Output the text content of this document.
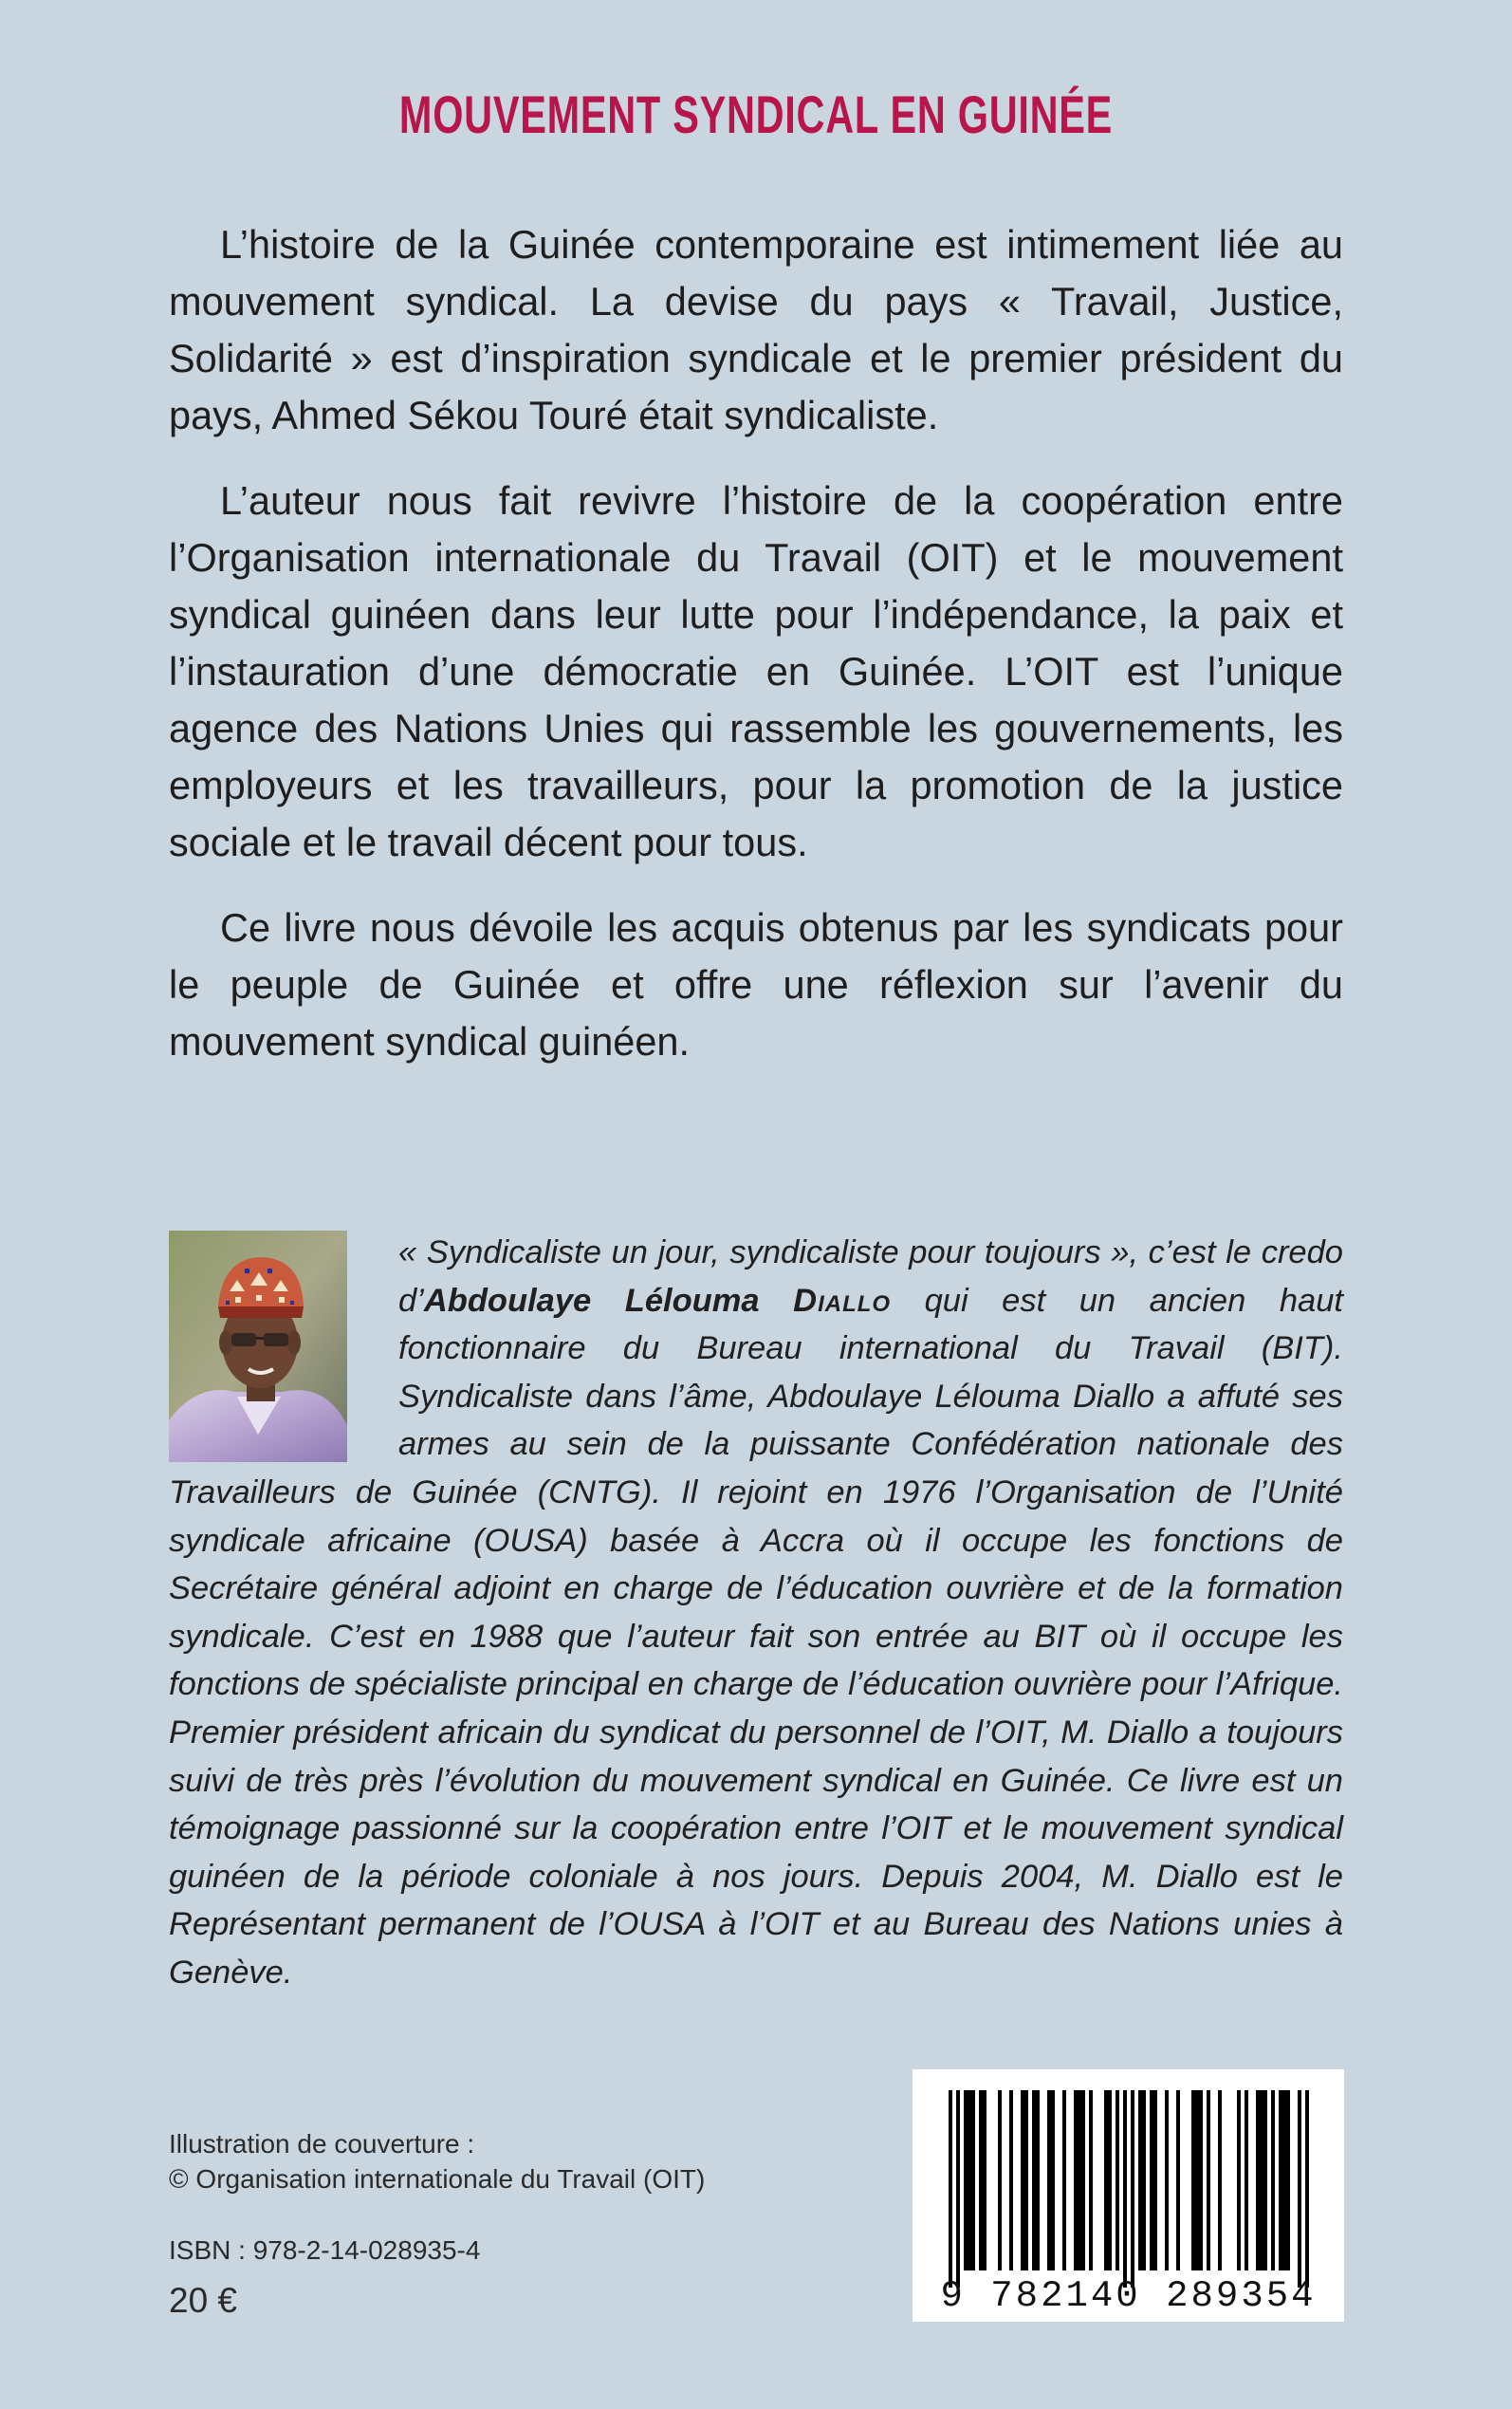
MOUVEMENT SYNDICAL EN GUINÉE

L’histoire de la Guinée contemporaine est intimement liée au mouvement syndical. La devise du pays « Travail, Justice, Solidarité » est d’inspiration syndicale et le premier président du pays, Ahmed Sékou Touré était syndicaliste.

L’auteur nous fait revivre l’histoire de la coopération entre l’Organisation internationale du Travail (OIT) et le mouvement syndical guinéen dans leur lutte pour l’indépendance, la paix et l’instauration d’une démocratie en Guinée. L’OIT est l’unique agence des Nations Unies qui rassemble les gouvernements, les employeurs et les travailleurs, pour la promotion de la justice sociale et le travail décent pour tous.

Ce livre nous dévoile les acquis obtenus par les syndicats pour le peuple de Guinée et offre une réflexion sur l’avenir du mouvement syndical guinéen.

« Syndicaliste un jour, syndicaliste pour toujours », c’est le credo d’Abdoulaye Lélouma Diallo qui est un ancien haut fonctionnaire du Bureau international du Travail (BIT). Syndicaliste dans l’âme, Abdoulaye Lélouma Diallo a affuté ses armes au sein de la puissante Confédération nationale des Travailleurs de Guinée (CNTG). Il rejoint en 1976 l’Organisation de l’Unité syndicale africaine (OUSA) basée à Accra où il occupe les fonctions de Secrétaire général adjoint en charge de l’éducation ouvrière et de la formation syndicale. C’est en 1988 que l’auteur fait son entrée au BIT où il occupe les fonctions de spécialiste principal en charge de l’éducation ouvrière pour l’Afrique. Premier président africain du syndicat du personnel de l’OIT, M. Diallo a toujours suivi de très près l’évolution du mouvement syndical en Guinée. Ce livre est un témoignage passionné sur la coopération entre l’OIT et le mouvement syndical guinéen de la période coloniale à nos jours. Depuis 2004, M. Diallo est le Représentant permanent de l’OUSA à l’OIT et au Bureau des Nations unies à Genève.

Illustration de couverture :
© Organisation internationale du Travail (OIT)
ISBN : 978-2-14-028935-4
20 €	9 782140 289354
